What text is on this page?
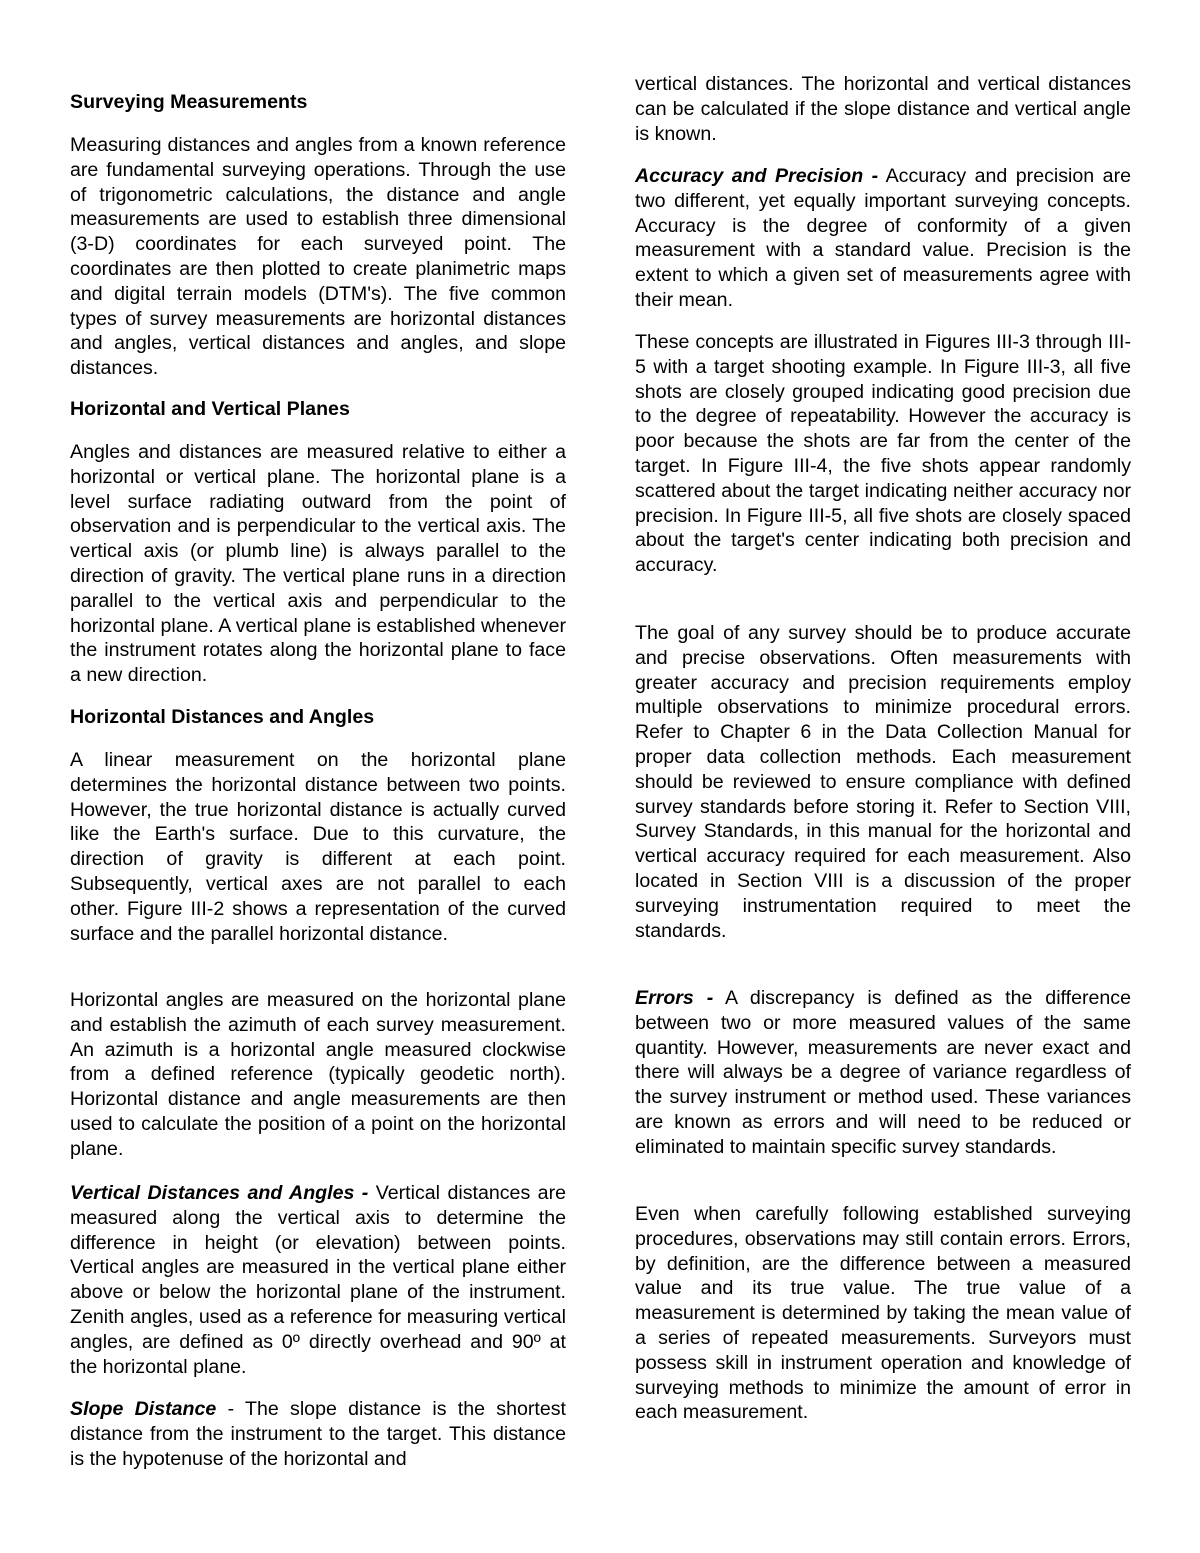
Surveying Measurements

Measuring distances and angles from a known reference are fundamental surveying operations. Through the use of trigonometric calculations, the distance and angle measurements are used to establish three dimensional (3-D) coordinates for each surveyed point. The coordinates are then plotted to create planimetric maps and digital terrain models (DTM's). The five common types of survey measurements are horizontal distances and angles, vertical distances and angles, and slope distances.

Horizontal and Vertical Planes

Angles and distances are measured relative to either a horizontal or vertical plane. The horizontal plane is a level surface radiating outward from the point of observation and is perpendicular to the vertical axis. The vertical axis (or plumb line) is always parallel to the direction of gravity. The vertical plane runs in a direction parallel to the vertical axis and perpendicular to the horizontal plane. A vertical plane is established whenever the instrument rotates along the horizontal plane to face a new direction.

Horizontal Distances and Angles

A linear measurement on the horizontal plane determines the horizontal distance between two points. However, the true horizontal distance is actually curved like the Earth's surface. Due to this curvature, the direction of gravity is different at each point. Subsequently, vertical axes are not parallel to each other. Figure III-2 shows a representation of the curved surface and the parallel horizontal distance.

Horizontal angles are measured on the horizontal plane and establish the azimuth of each survey measurement. An azimuth is a horizontal angle measured clockwise from a defined reference (typically geodetic north). Horizontal distance and angle measurements are then used to calculate the position of a point on the horizontal plane.

Vertical Distances and Angles - Vertical distances are measured along the vertical axis to determine the difference in height (or elevation) between points. Vertical angles are measured in the vertical plane either above or below the horizontal plane of the instrument. Zenith angles, used as a reference for measuring vertical angles, are defined as 0º directly overhead and 90º at the horizontal plane.

Slope Distance - The slope distance is the shortest distance from the instrument to the target. This distance is the hypotenuse of the horizontal and

vertical distances. The horizontal and vertical distances can be calculated if the slope distance and vertical angle is known.

Accuracy and Precision - Accuracy and precision are two different, yet equally important surveying concepts. Accuracy is the degree of conformity of a given measurement with a standard value. Precision is the extent to which a given set of measurements agree with their mean.

These concepts are illustrated in Figures III-3 through III-5 with a target shooting example. In Figure III-3, all five shots are closely grouped indicating good precision due to the degree of repeatability. However the accuracy is poor because the shots are far from the center of the target. In Figure III-4, the five shots appear randomly scattered about the target indicating neither accuracy nor precision. In Figure III-5, all five shots are closely spaced about the target's center indicating both precision and accuracy.

The goal of any survey should be to produce accurate and precise observations. Often measurements with greater accuracy and precision requirements employ multiple observations to minimize procedural errors. Refer to Chapter 6 in the Data Collection Manual for proper data collection methods. Each measurement should be reviewed to ensure compliance with defined survey standards before storing it. Refer to Section VIII, Survey Standards, in this manual for the horizontal and vertical accuracy required for each measurement. Also located in Section VIII is a discussion of the proper surveying instrumentation required to meet the standards.

Errors - A discrepancy is defined as the difference between two or more measured values of the same quantity. However, measurements are never exact and there will always be a degree of variance regardless of the survey instrument or method used. These variances are known as errors and will need to be reduced or eliminated to maintain specific survey standards.

Even when carefully following established surveying procedures, observations may still contain errors. Errors, by definition, are the difference between a measured value and its true value. The true value of a measurement is determined by taking the mean value of a series of repeated measurements. Surveyors must possess skill in instrument operation and knowledge of surveying methods to minimize the amount of error in each measurement.
